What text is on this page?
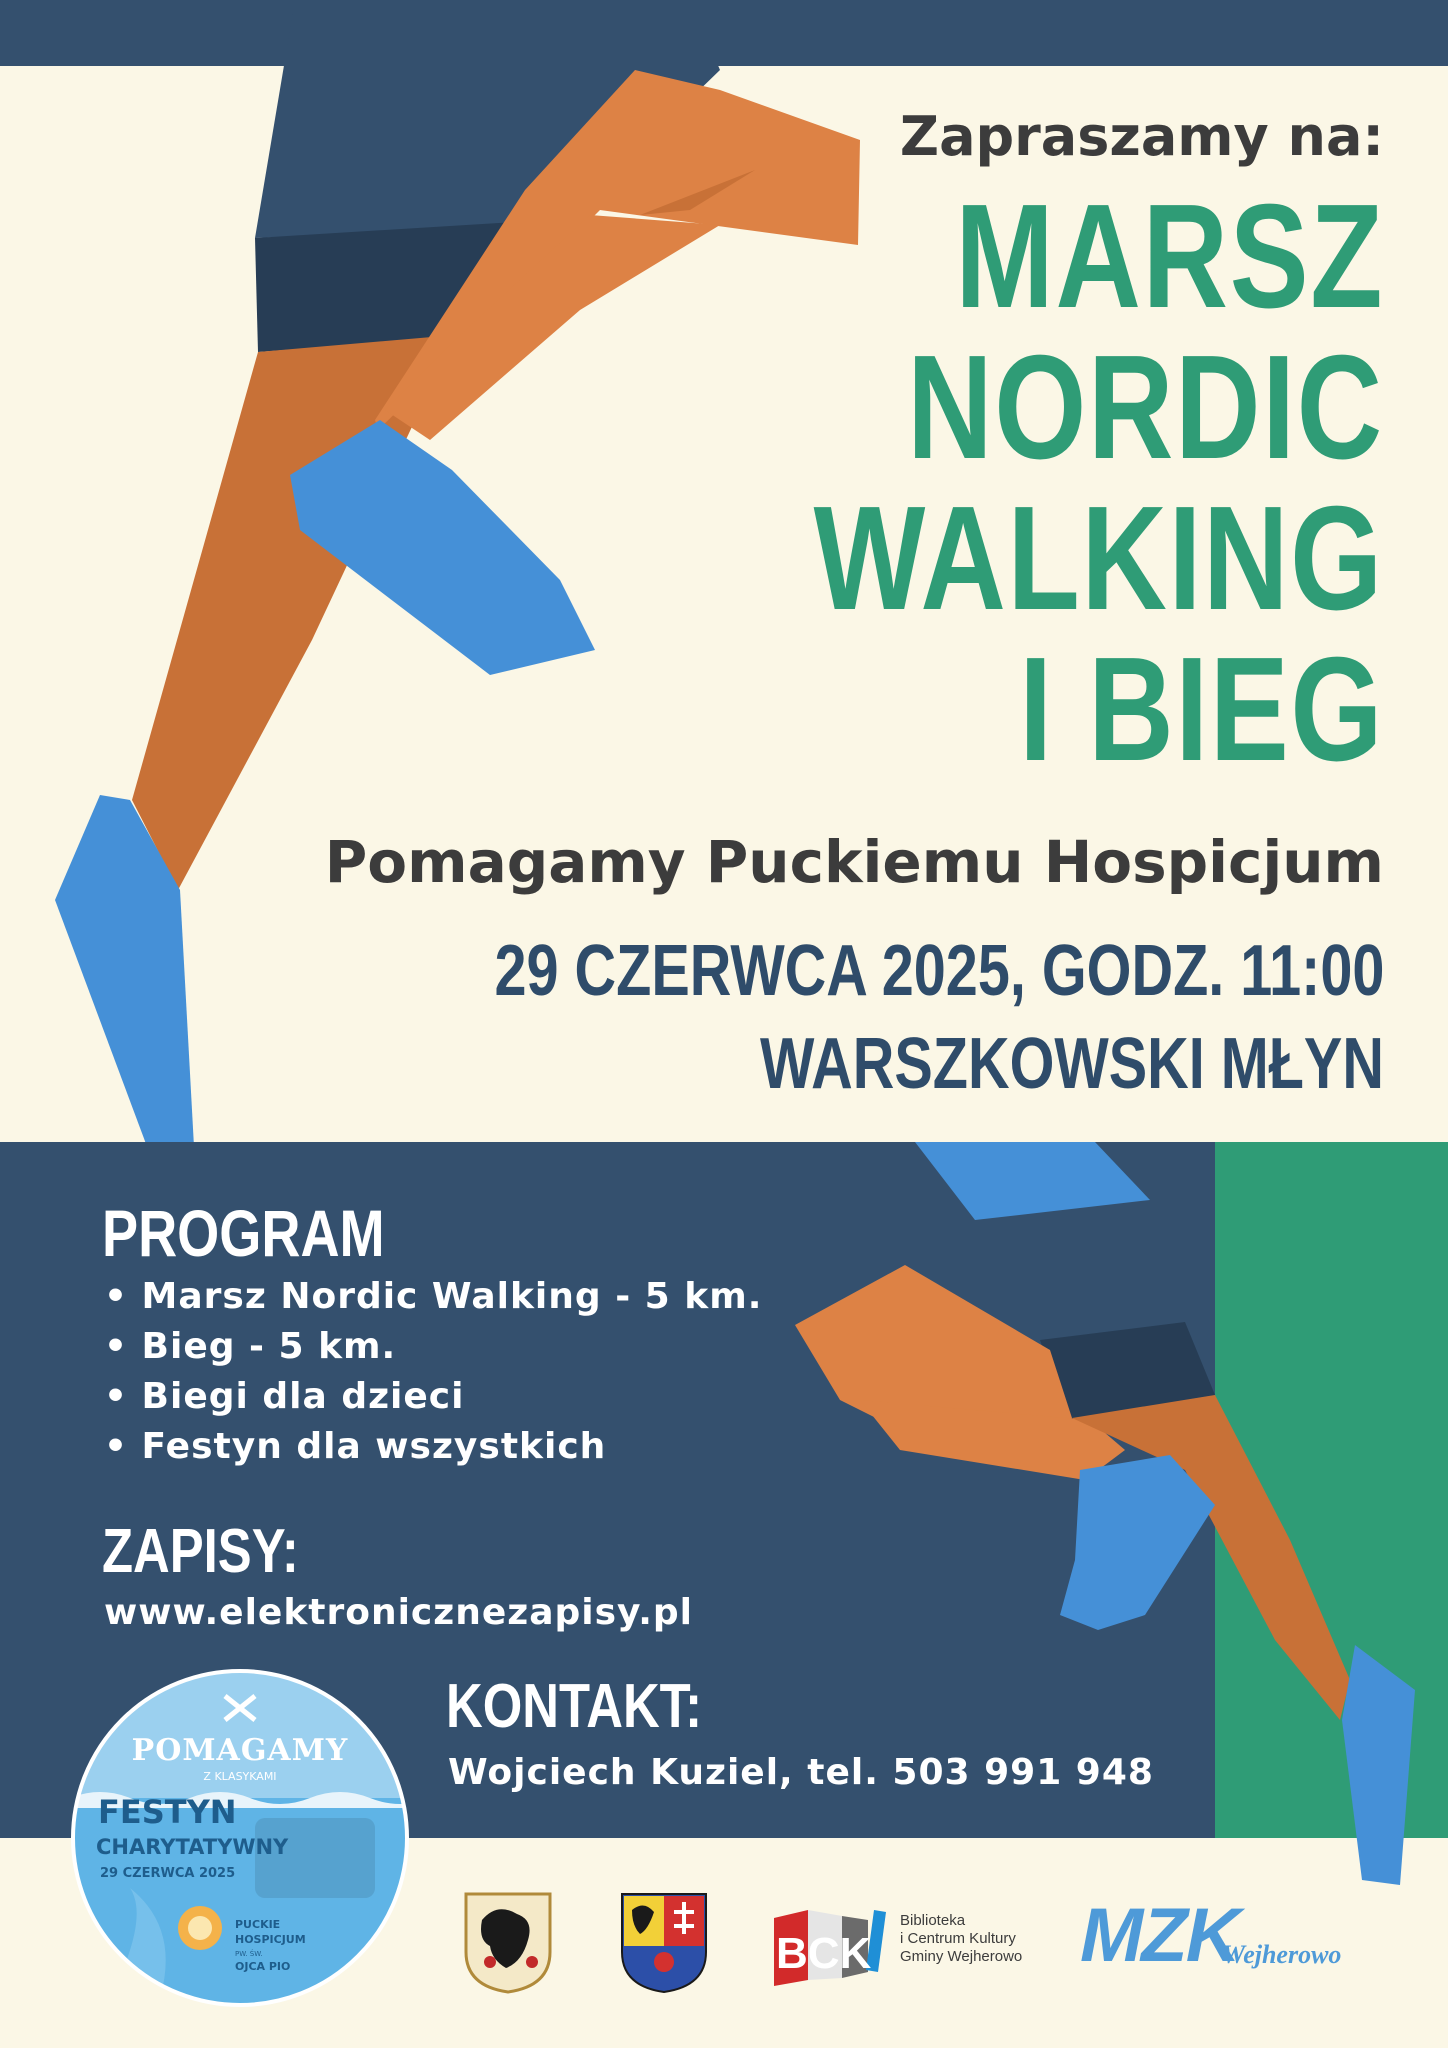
Zapraszamy na:
MARSZ
NORDIC
WALKING
I BIEG
Pomagamy Puckiemu Hospicjum
29 CZERWCA 2025, GODZ. 11:00
WARSZKOWSKI MŁYN
PROGRAM
• Marsz Nordic Walking - 5 km.
• Bieg - 5 km.
• Biegi dla dzieci
• Festyn dla wszystkich
ZAPISY:
www.elektronicznezapisy.pl
KONTAKT:
Wojciech Kuziel, tel. 503 991 948
POMAGAMY
Z KLASYKAMI
FESTYN
CHARYTATYWNY
29 CZERWCA 2025
PUCKIE
HOSPICJUM
PW. ŚW.
OJCA PIO	BCK
Biblioteka
i Centrum Kultury
Gminy Wejherowo MZK
Wejherowo
